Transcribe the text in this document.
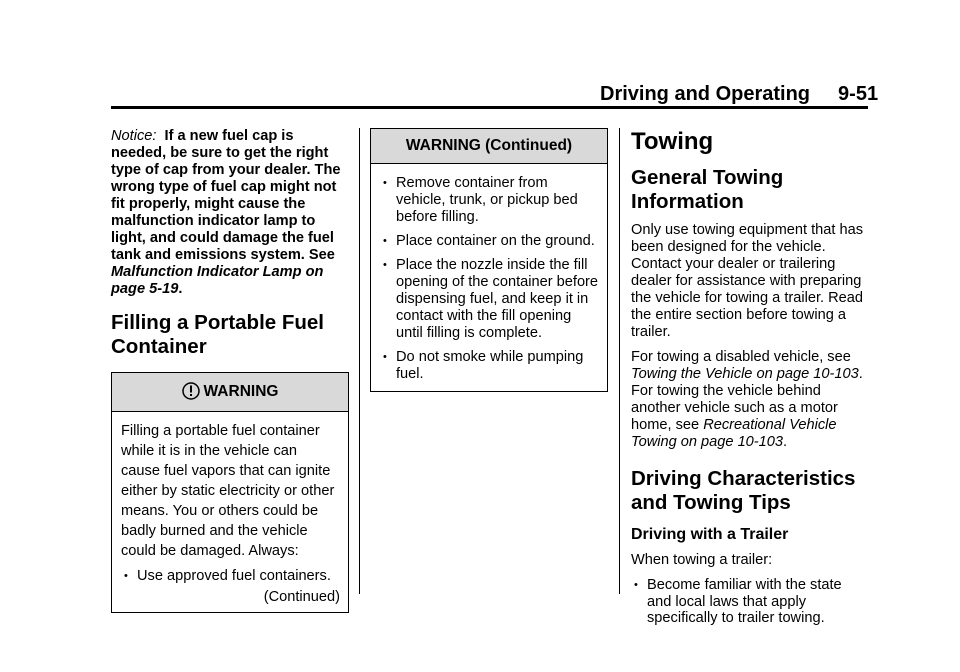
Driving and Operating 9-51

Notice: If a new fuel cap is needed, be sure to get the right type of cap from your dealer. The wrong type of fuel cap might not fit properly, might cause the malfunction indicator lamp to light, and could damage the fuel tank and emissions system. See Malfunction Indicator Lamp on page 5-19.

Filling a Portable Fuel Container
WARNING

Filling a portable fuel container while it is in the vehicle can cause fuel vapors that can ignite either by static electricity or other means. You or others could be badly burned and the vehicle could be damaged. Always:

• Use approved fuel containers.
(Continued)
WARNING (Continued)
• Remove container from vehicle, trunk, or pickup bed before filling.
• Place container on the ground.
• Place the nozzle inside the fill opening of the container before dispensing fuel, and keep it in contact with the fill opening until filling is complete.
• Do not smoke while pumping fuel.
Towing
General Towing Information

Only use towing equipment that has been designed for the vehicle. Contact your dealer or trailering dealer for assistance with preparing the vehicle for towing a trailer. Read the entire section before towing a trailer.

For towing a disabled vehicle, see Towing the Vehicle on page 10-103. For towing the vehicle behind another vehicle such as a motor home, see Recreational Vehicle Towing on page 10-103.

Driving Characteristics and Towing Tips
Driving with a Trailer

When towing a trailer:

• Become familiar with the state and local laws that apply specifically to trailer towing.
